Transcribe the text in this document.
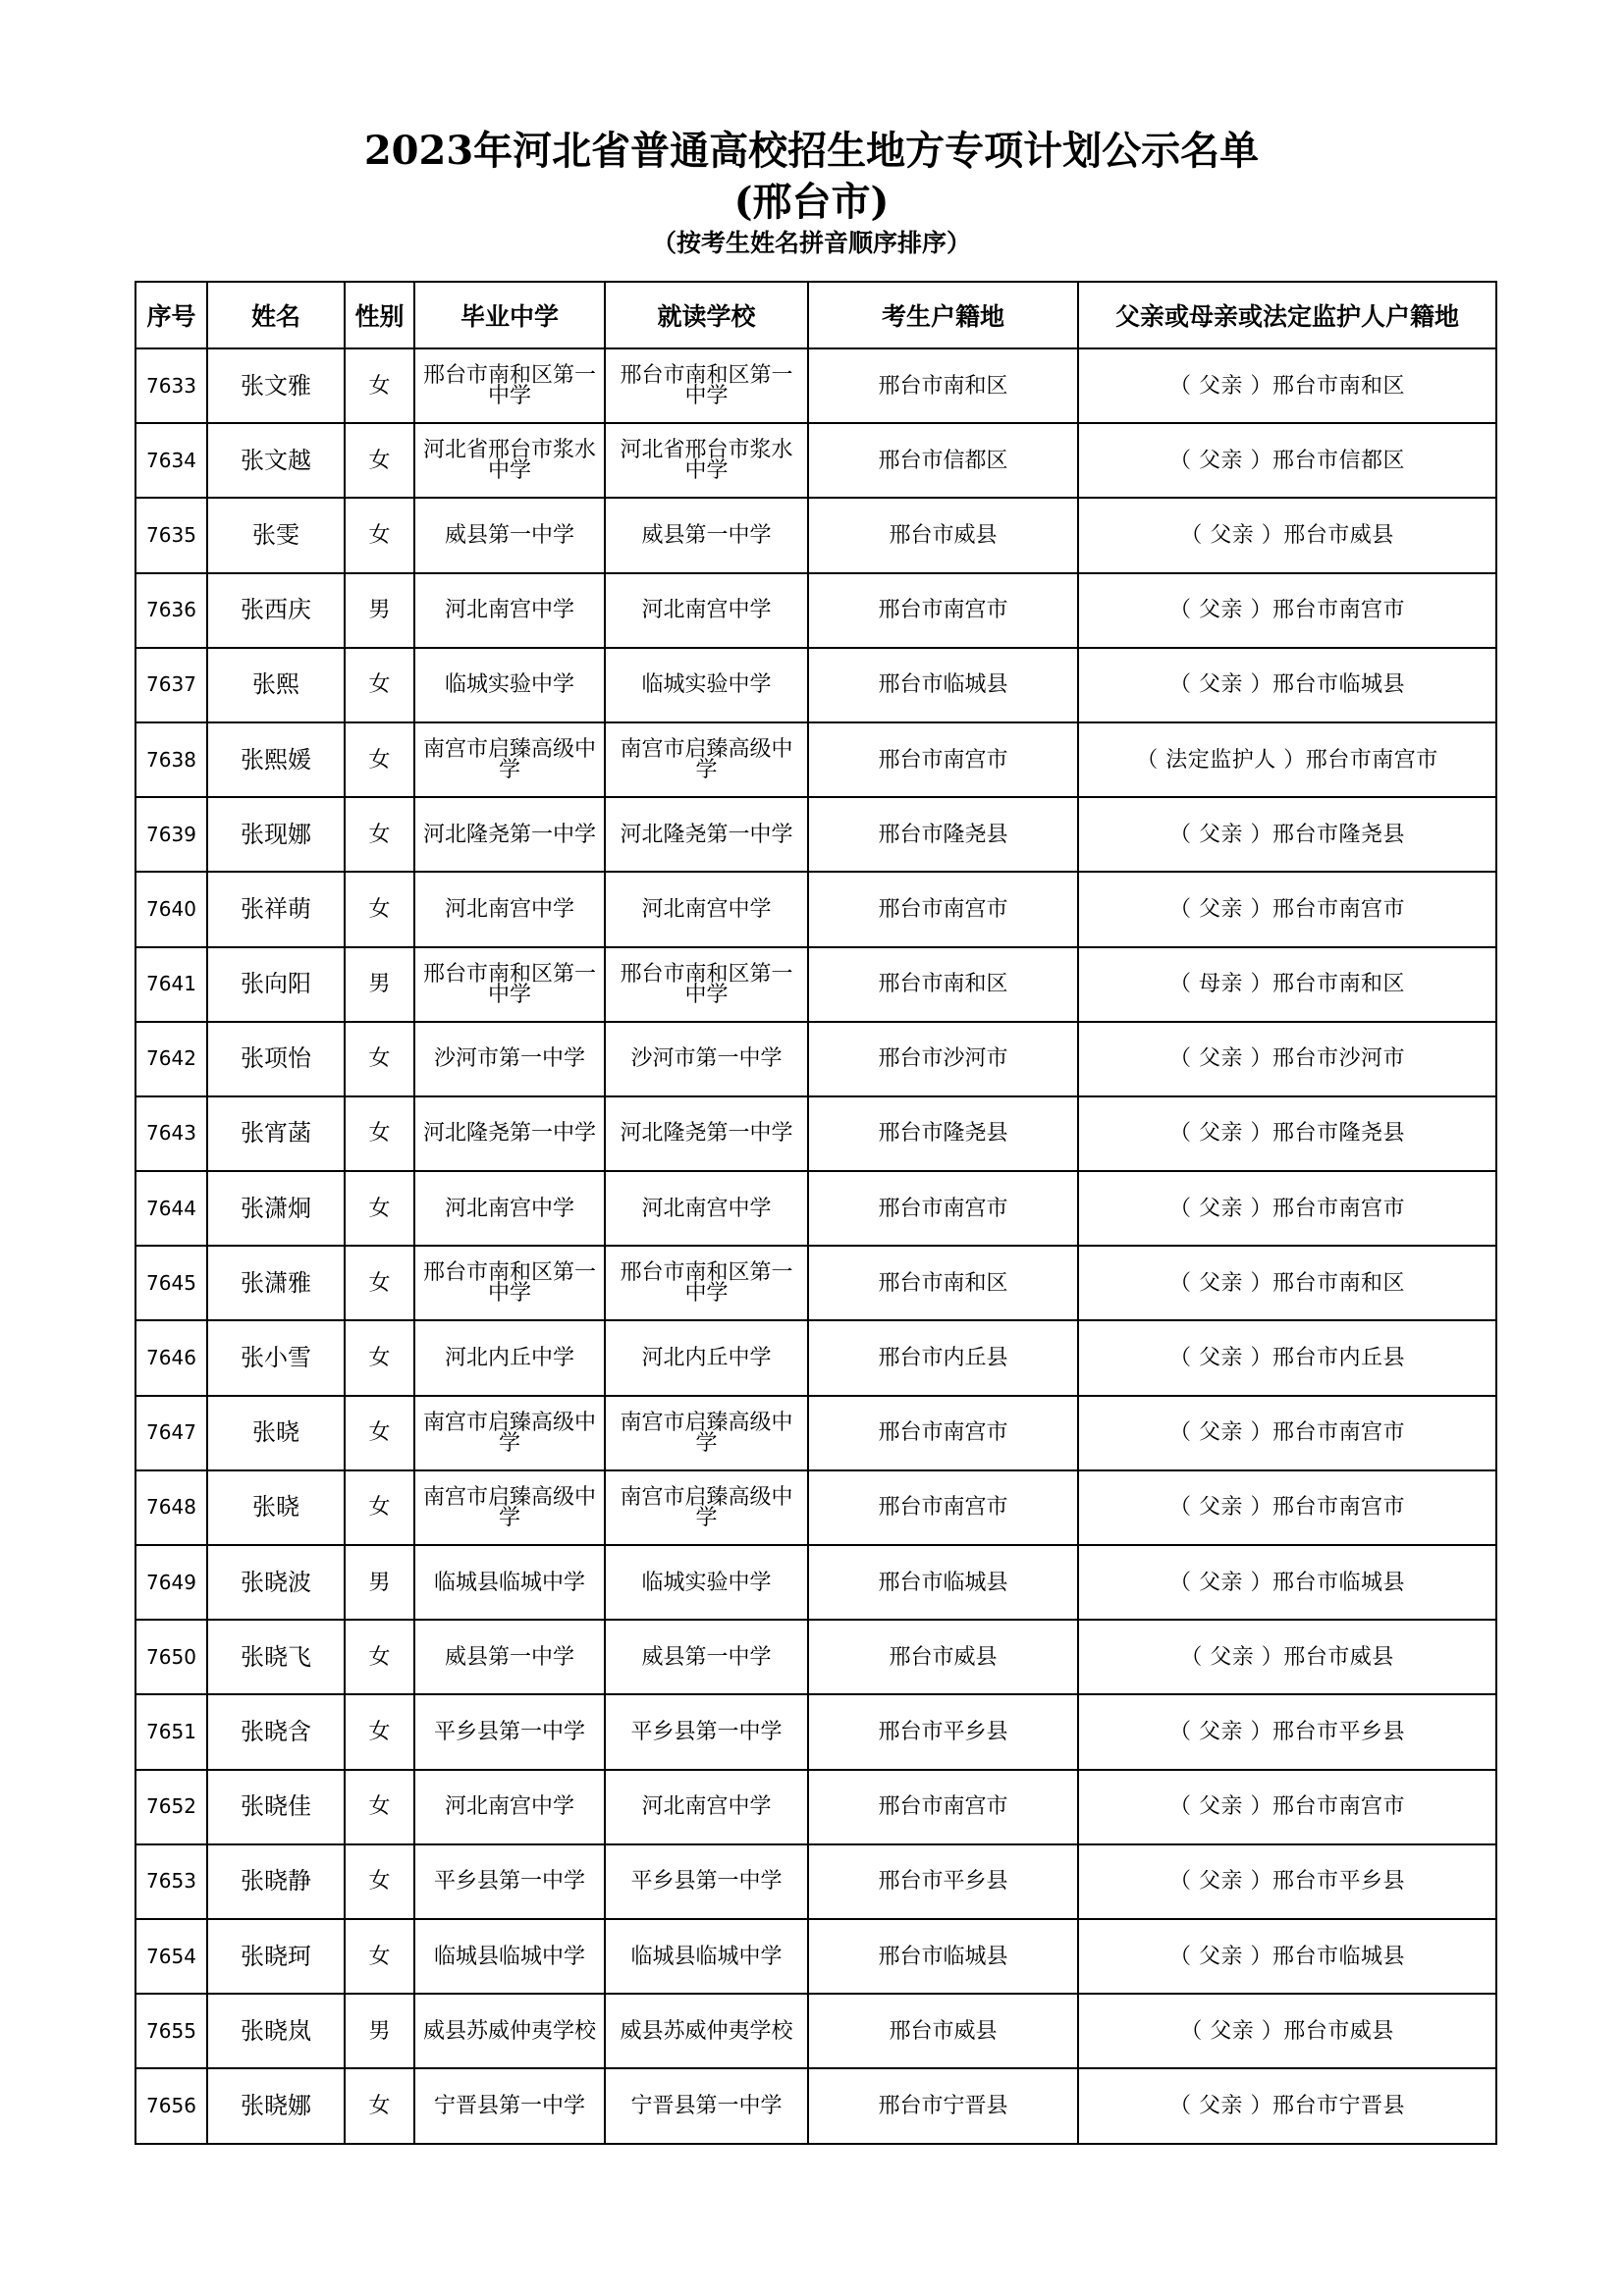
2023年河北省普通高校招生地方专项计划公示名单
(邢台市)
（按考生姓名拼音顺序排序）
序号	姓名	性别	毕业中学	就读学校	考生户籍地	父亲或母亲或法定监护人户籍地
7633	张文雅	女	邢台市南和区第一中学	邢台市南和区第一中学	邢台市南和区	（ 父亲 ）邢台市南和区
7634	张文越	女	河北省邢台市浆水中学	河北省邢台市浆水中学	邢台市信都区	（ 父亲 ）邢台市信都区
7635	张雯	女	威县第一中学	威县第一中学	邢台市威县	（ 父亲 ）邢台市威县
7636	张西庆	男	河北南宫中学	河北南宫中学	邢台市南宫市	（ 父亲 ）邢台市南宫市
7637	张熙	女	临城实验中学	临城实验中学	邢台市临城县	（ 父亲 ）邢台市临城县
7638	张熙媛	女	南宫市启臻高级中学	南宫市启臻高级中学	邢台市南宫市	（ 法定监护人 ）邢台市南宫市
7639	张现娜	女	河北隆尧第一中学	河北隆尧第一中学	邢台市隆尧县	（ 父亲 ）邢台市隆尧县
7640	张祥萌	女	河北南宫中学	河北南宫中学	邢台市南宫市	（ 父亲 ）邢台市南宫市
7641	张向阳	男	邢台市南和区第一中学	邢台市南和区第一中学	邢台市南和区	（ 母亲 ）邢台市南和区
7642	张项怡	女	沙河市第一中学	沙河市第一中学	邢台市沙河市	（ 父亲 ）邢台市沙河市
7643	张宵菡	女	河北隆尧第一中学	河北隆尧第一中学	邢台市隆尧县	（ 父亲 ）邢台市隆尧县
7644	张潇炯	女	河北南宫中学	河北南宫中学	邢台市南宫市	（ 父亲 ）邢台市南宫市
7645	张潇雅	女	邢台市南和区第一中学	邢台市南和区第一中学	邢台市南和区	（ 父亲 ）邢台市南和区
7646	张小雪	女	河北内丘中学	河北内丘中学	邢台市内丘县	（ 父亲 ）邢台市内丘县
7647	张晓	女	南宫市启臻高级中学	南宫市启臻高级中学	邢台市南宫市	（ 父亲 ）邢台市南宫市
7648	张晓	女	南宫市启臻高级中学	南宫市启臻高级中学	邢台市南宫市	（ 父亲 ）邢台市南宫市
7649	张晓波	男	临城县临城中学	临城实验中学	邢台市临城县	（ 父亲 ）邢台市临城县
7650	张晓飞	女	威县第一中学	威县第一中学	邢台市威县	（ 父亲 ）邢台市威县
7651	张晓含	女	平乡县第一中学	平乡县第一中学	邢台市平乡县	（ 父亲 ）邢台市平乡县
7652	张晓佳	女	河北南宫中学	河北南宫中学	邢台市南宫市	（ 父亲 ）邢台市南宫市
7653	张晓静	女	平乡县第一中学	平乡县第一中学	邢台市平乡县	（ 父亲 ）邢台市平乡县
7654	张晓珂	女	临城县临城中学	临城县临城中学	邢台市临城县	（ 父亲 ）邢台市临城县
7655	张晓岚	男	威县苏威仲夷学校	威县苏威仲夷学校	邢台市威县	（ 父亲 ）邢台市威县
7656	张晓娜	女	宁晋县第一中学	宁晋县第一中学	邢台市宁晋县	（ 父亲 ）邢台市宁晋县
